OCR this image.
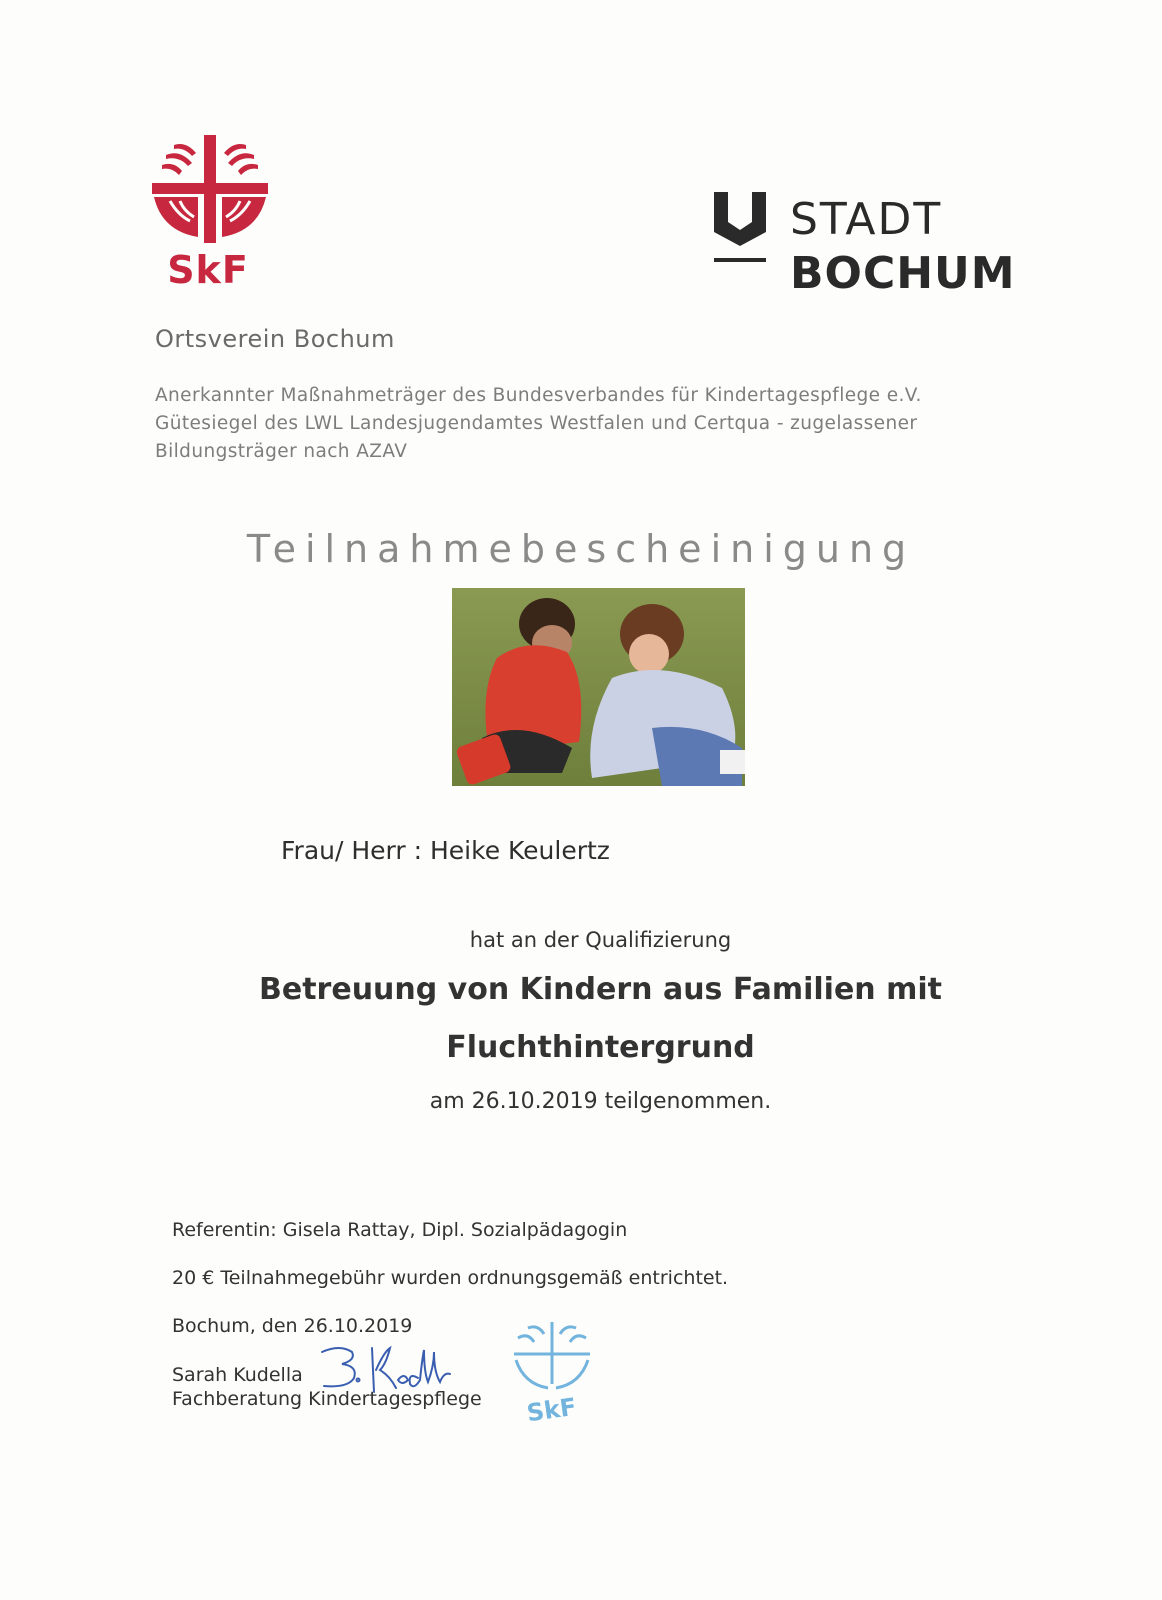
SkF
STADT
BOCHUM
Ortsverein Bochum
Anerkannter Maßnahmeträger des Bundesverbandes für Kindertagespflege e.V. Gütesiegel des LWL Landesjugendamtes Westfalen und Certqua - zugelassener Bildungsträger nach AZAV
Teilnahmebescheinigung
Frau/ Herr : Heike Keulertz
hat an der Qualifizierung
Betreuung von Kindern aus Familien mit
Fluchthintergrund
am 26.10.2019 teilgenommen.
Referentin: Gisela Rattay, Dipl. Sozialpädagogin
20 € Teilnahmegebühr wurden ordnungsgemäß entrichtet.
Bochum, den 26.10.2019
Sarah Kudella
Fachberatung Kindertagespflege SkF
